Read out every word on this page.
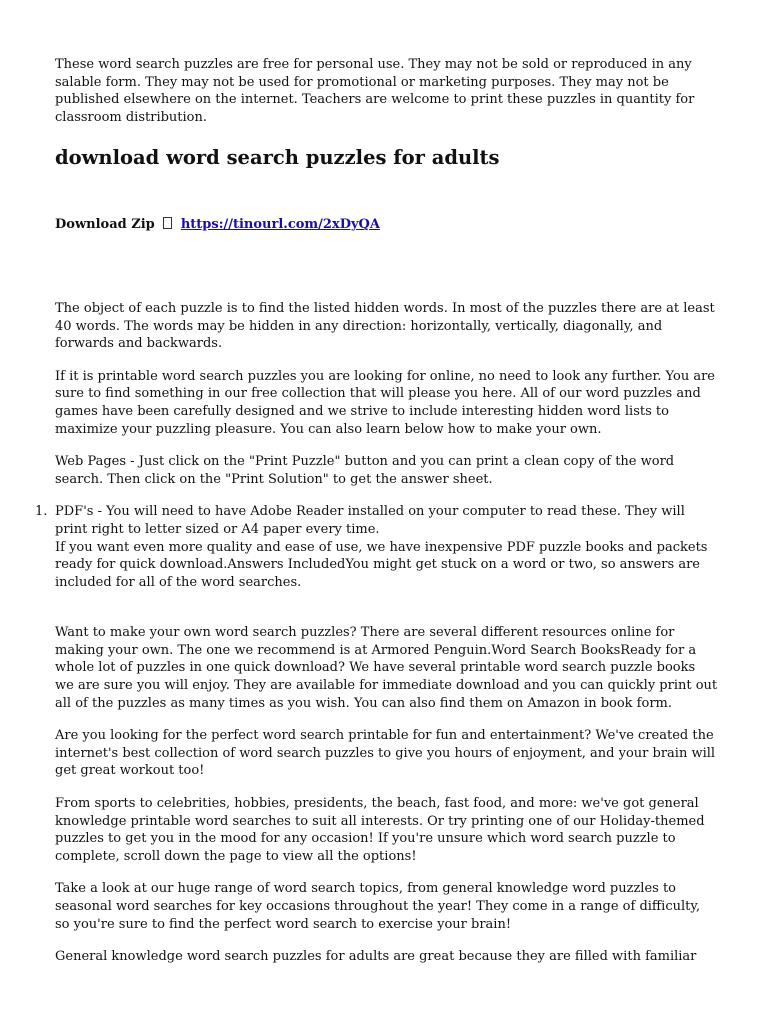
These word search puzzles are free for personal use. They may not be sold or reproduced in any salable form. They may not be used for promotional or marketing purposes. They may not be published elsewhere on the internet. Teachers are welcome to print these puzzles in quantity for classroom distribution.

download word search puzzles for adults

Download Zip https://tinourl.com/2xDyQA

The object of each puzzle is to find the listed hidden words. In most of the puzzles there are at least 40 words. The words may be hidden in any direction: horizontally, vertically, diagonally, and forwards and backwards.

If it is printable word search puzzles you are looking for online, no need to look any further. You are sure to find something in our free collection that will please you here. All of our word puzzles and games have been carefully designed and we strive to include interesting hidden word lists to maximize your puzzling pleasure. You can also learn below how to make your own.

Web Pages - Just click on the "Print Puzzle" button and you can print a clean copy of the word search. Then click on the "Print Solution" to get the answer sheet.

1. PDF's - You will need to have Adobe Reader installed on your computer to read these. They will print right to letter sized or A4 paper every time.
If you want even more quality and ease of use, we have inexpensive PDF puzzle books and packets ready for quick download.Answers IncludedYou might get stuck on a word or two, so answers are included for all of the word searches.

Want to make your own word search puzzles? There are several different resources online for making your own. The one we recommend is at Armored Penguin.Word Search BooksReady for a whole lot of puzzles in one quick download? We have several printable word search puzzle books we are sure you will enjoy. They are available for immediate download and you can quickly print out all of the puzzles as many times as you wish. You can also find them on Amazon in book form.

Are you looking for the perfect word search printable for fun and entertainment? We've created the internet's best collection of word search puzzles to give you hours of enjoyment, and your brain will get great workout too!

From sports to celebrities, hobbies, presidents, the beach, fast food, and more: we've got general knowledge printable word searches to suit all interests. Or try printing one of our Holiday-themed puzzles to get you in the mood for any occasion! If you're unsure which word search puzzle to complete, scroll down the page to view all the options!

Take a look at our huge range of word search topics, from general knowledge word puzzles to seasonal word searches for key occasions throughout the year! They come in a range of difficulty, so you're sure to find the perfect word search to exercise your brain!

General knowledge word search puzzles for adults are great because they are filled with familiar
